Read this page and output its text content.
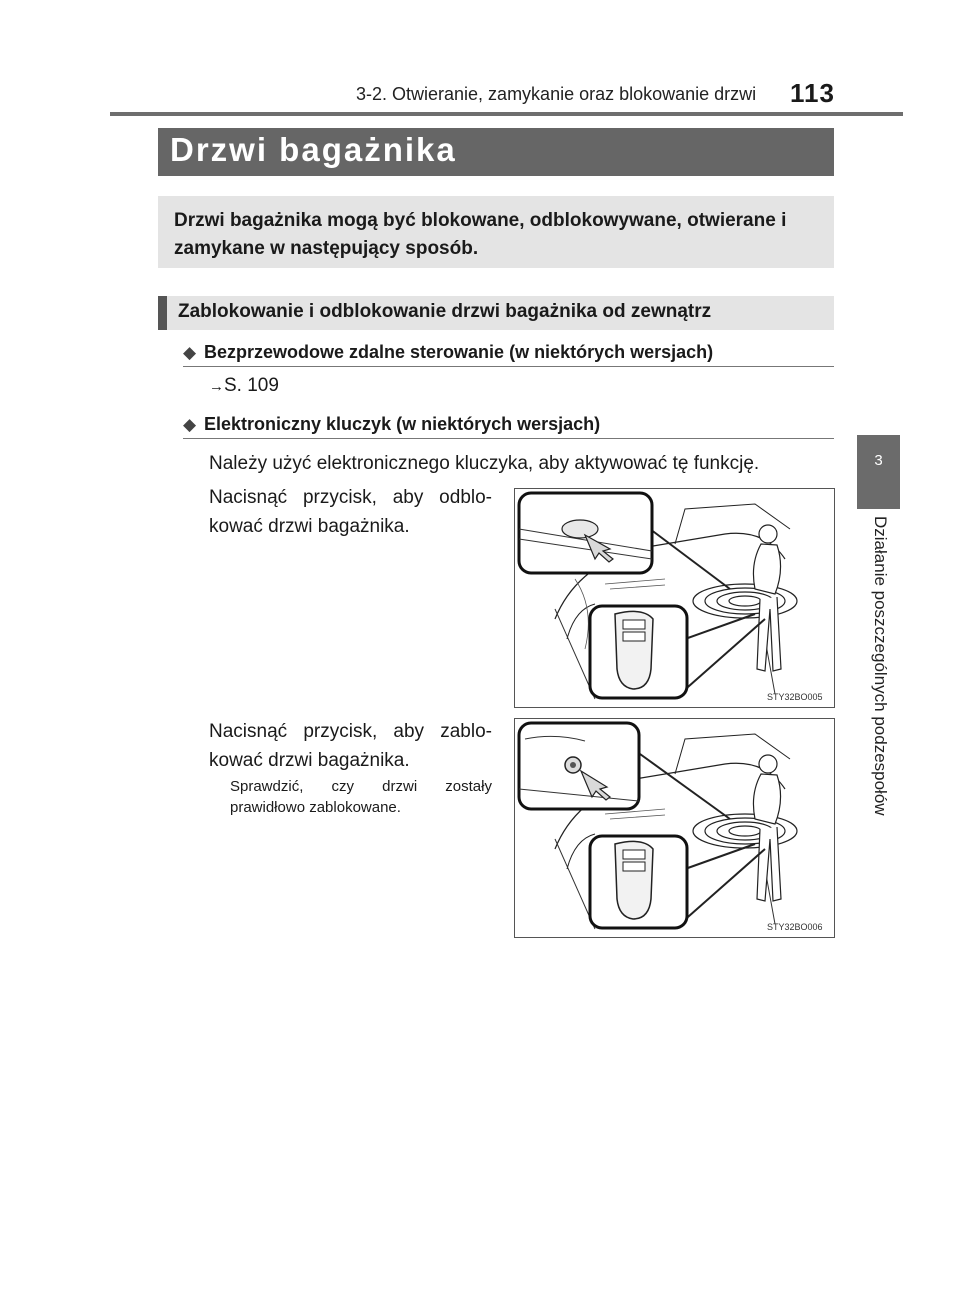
3-2. Otwieranie, zamykanie oraz blokowanie drzwi 113
3
Działanie poszczególnych podzespołów
Drzwi bagażnika
Drzwi bagażnika mogą być blokowane, odblokowywane, otwierane i zamykane w następujący sposób.
Zablokowanie i odblokowanie drzwi bagażnika od zewnątrz
◆ Bezprzewodowe zdalne sterowanie (w niektórych wersjach)
→S. 109
◆ Elektroniczny kluczyk (w niektórych wersjach)
Należy użyć elektronicznego kluczyka, aby aktywować tę funkcję.
Nacisnąć przycisk, aby odblo-
kować drzwi bagażnika.
STY32BO005
Nacisnąć przycisk, aby zablo-
kować drzwi bagażnika.
Sprawdzić, czy drzwi zostały
prawidłowo zablokowane.
STY32BO006
